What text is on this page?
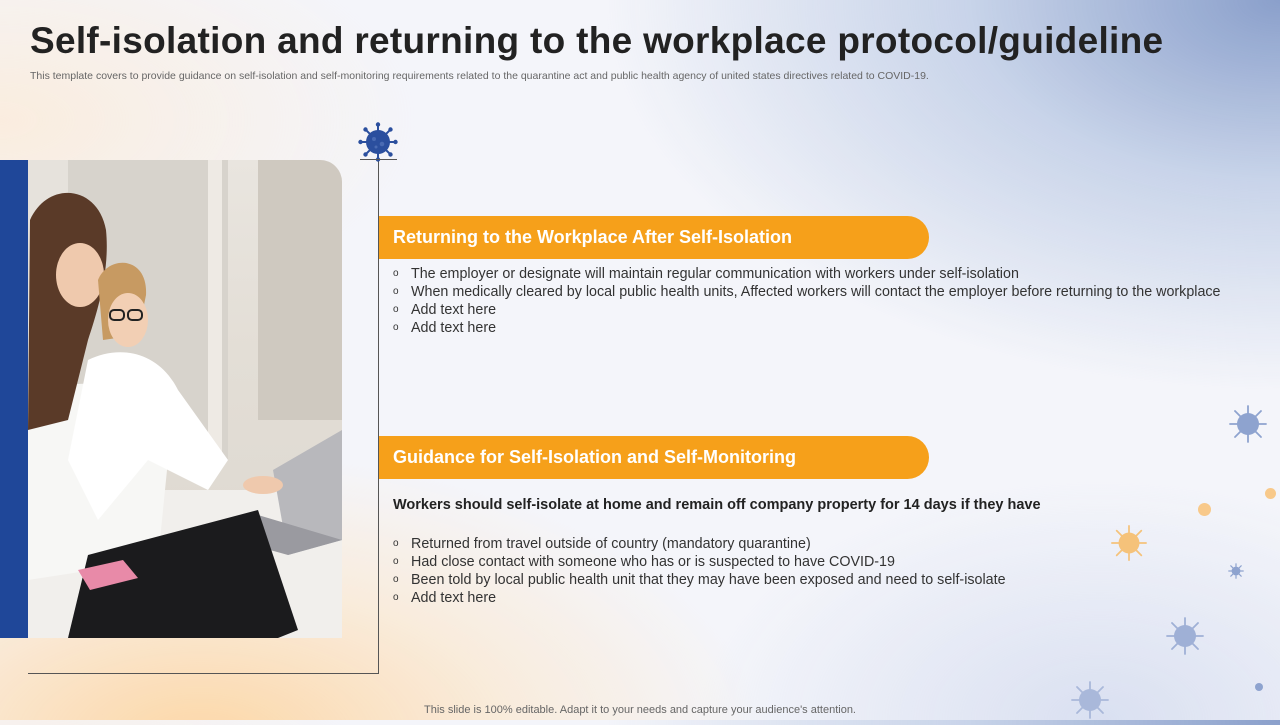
Self-isolation and returning to the workplace protocol/guideline

This template covers to provide guidance on self-isolation and self-monitoring requirements related to the quarantine act and public health agency of united states directives related to COVID-19.

Returning to the Workplace After Self-Isolation
o The employer or designate will maintain regular communication with workers under self-isolation
o When medically cleared by local public health units, Affected workers will contact the employer before returning to the workplace
o Add text here
o Add text here
Guidance for Self-Isolation and Self-Monitoring

Workers should self-isolate at home and remain off company property for 14 days if they have

o Returned from travel outside of country (mandatory quarantine)
o Had close contact with someone who has or is suspected to have COVID-19
o Been told by local public health unit that they may have been exposed and need to self-isolate
o Add text here

This slide is 100% editable. Adapt it to your needs and capture your audience's attention.
